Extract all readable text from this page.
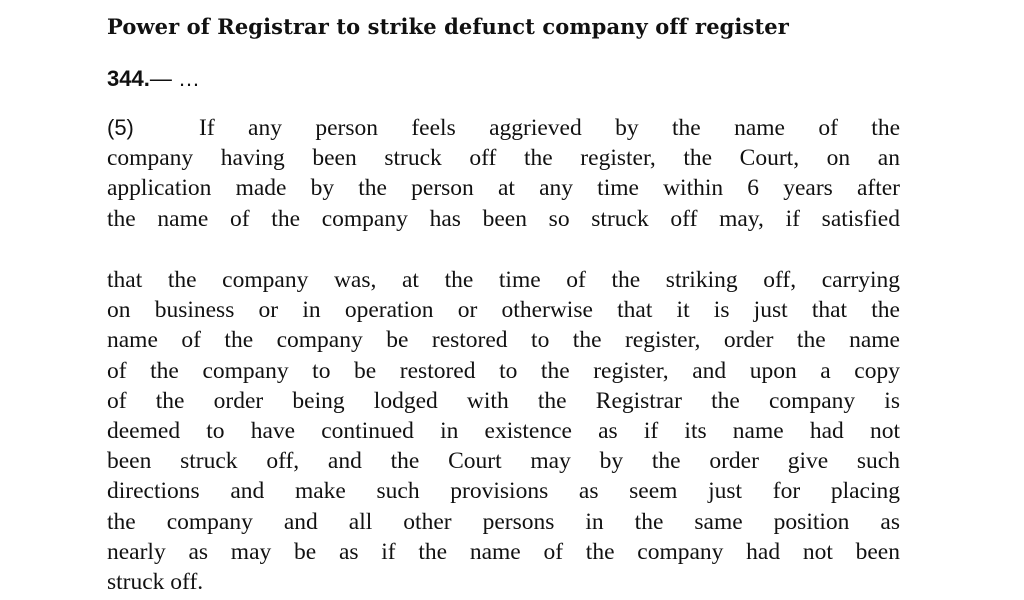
Power of Registrar to strike defunct company off register

344.— …

(5)	If any person feels aggrieved by the name of the
company having been struck off the register, the Court, on an
application made by the person at any time within 6 years after
the name of the company has been so struck off may, if satisfied
that the company was, at the time of the striking off, carrying
on business or in operation or otherwise that it is just that the
name of the company be restored to the register, order the name
of the company to be restored to the register, and upon a copy
of the order being lodged with the Registrar the company is
deemed to have continued in existence as if its name had not
been struck off, and the Court may by the order give such
directions and make such provisions as seem just for placing
the company and all other persons in the same position as
nearly as may be as if the name of the company had not been
struck off.
